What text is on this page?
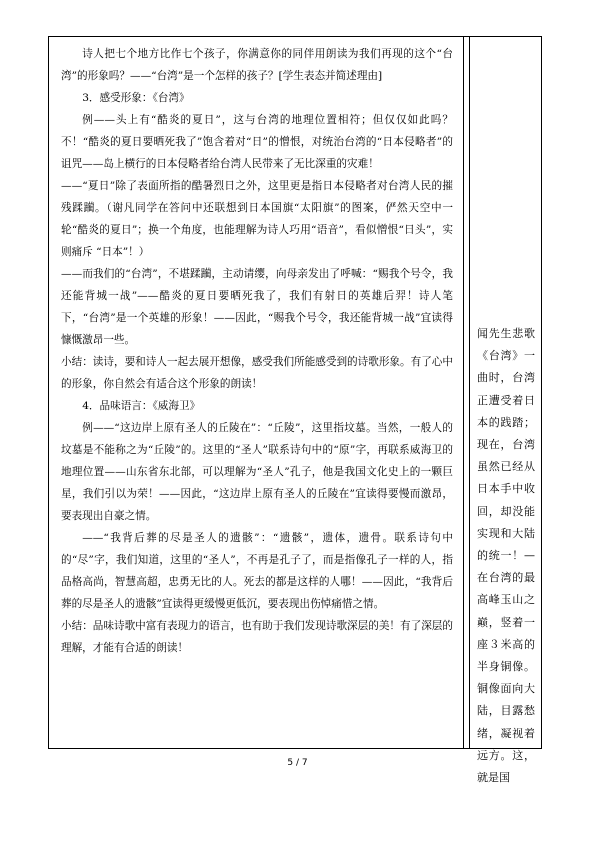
诗人把七个地方比作七个孩子，你满意你的同伴用朗读为我们再现的这个“台湾”的形象吗？——“台湾”是一个怎样的孩子？[学生表态并简述理由]

3．感受形象：《台湾》

例——头上有“酷炎的夏日”，这与台湾的地理位置相符；但仅仅如此吗？不！“酷炎的夏日要晒死我了”饱含着对“日”的憎恨，对统治台湾的“日本侵略者”的诅咒——岛上横行的日本侵略者给台湾人民带来了无比深重的灾难！

——“夏日”除了表面所指的酷暑烈日之外，这里更是指日本侵略者对台湾人民的摧残蹂躏。（谢凡同学在答问中还联想到日本国旗“太阳旗”的图案，俨然天空中一轮“酷炎的夏日”；换一个角度，也能理解为诗人巧用“语音”，看似憎恨“日头”，实则痛斥 “日本”！）

——而我们的“台湾”，不堪蹂躏，主动请缨，向母亲发出了呼喊：“赐我个号令，我还能背城一战”——酷炎的夏日要晒死我了，我们有射日的英雄后羿！诗人笔下，“台湾”是一个英雄的形象！——因此，“赐我个号令，我还能背城一战”宜读得慷慨激昂一些。

小结：读诗，要和诗人一起去展开想像，感受我们所能感受到的诗歌形象。有了心中的形象，你自然会有适合这个形象的朗读！

4．品味语言：《威海卫》

例——“这边岸上原有圣人的丘陵在”：“丘陵”，这里指坟墓。当然，一般人的坟墓是不能称之为“丘陵”的。这里的“圣人”联系诗句中的“原”字，再联系威海卫的地理位置——山东省东北部，可以理解为“圣人”孔子，他是我国文化史上的一颗巨星，我们引以为荣！——因此，“这边岸上原有圣人的丘陵在”宜读得要慢而激昂，要表现出自豪之情。

——“我背后葬的尽是圣人的遗骸”：“遗骸”，遗体，遗骨。联系诗句中的“尽”字，我们知道，这里的“圣人”，不再是孔子了，而是指像孔子一样的人，指品格高尚，智慧高超，忠勇无比的人。死去的都是这样的人哪！——因此，“我背后葬的尽是圣人的遗骸”宜读得更缓慢更低沉，要表现出伤悼痛惜之情。

小结：品味诗歌中富有表现力的语言，也有助于我们发现诗歌深层的美！有了深层的理解，才能有合适的朗读！

闻先生悲歌《台湾》一曲时，台湾正遭受着日本的践踏；现在，台湾虽然已经从日本手中收回，却没能实现和大陆的统一！—在台湾的最高峰玉山之巅，竖着一座３米高的半身铜像。铜像面向大陆，目露愁绪，凝视着远方。这，就是国
5 / 7
